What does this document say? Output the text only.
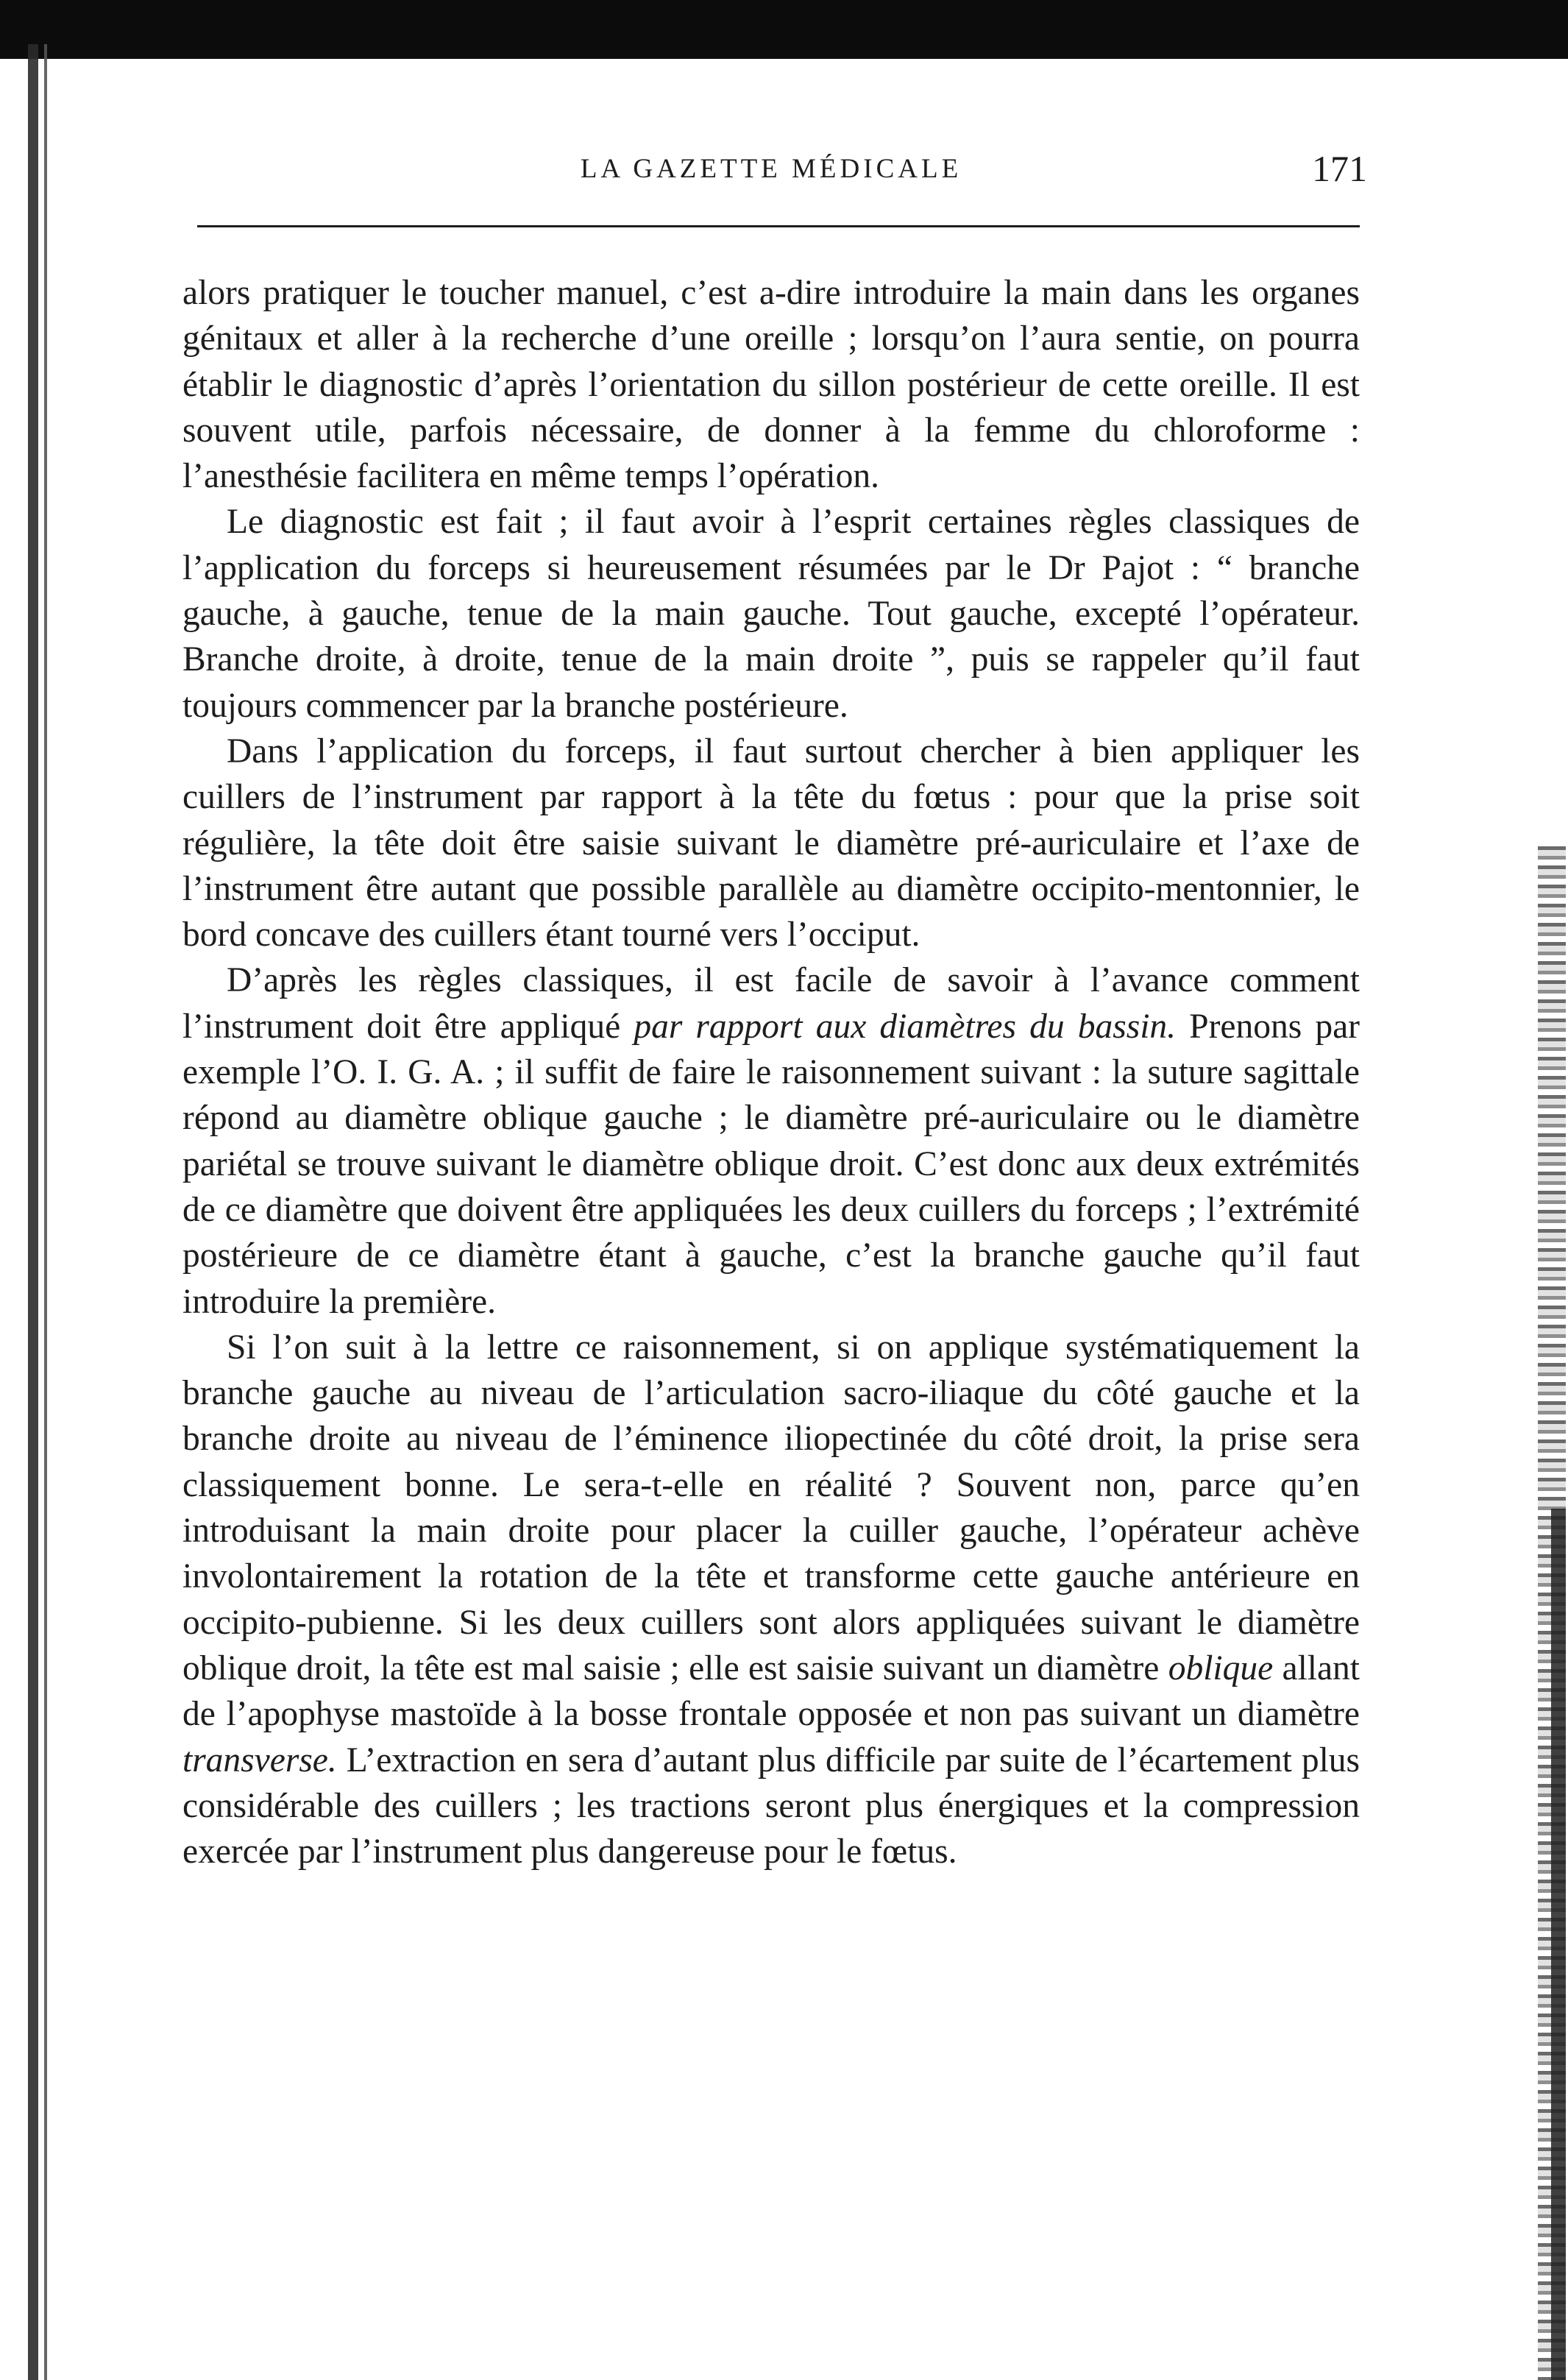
LA GAZETTE MÉDICALE	171

alors pratiquer le toucher manuel, c’est a-dire introduire la main dans les organes génitaux et aller à la recherche d’une oreille ; lorsqu’on l’aura sentie, on pourra établir le diagnostic d’après l’orientation du sillon postérieur de cette oreille. Il est souvent utile, parfois nécessaire, de donner à la femme du chloroforme : l’anesthésie facilitera en même temps l’opération.

Le diagnostic est fait ; il faut avoir à l’esprit certaines règles classiques de l’application du forceps si heureusement résumées par le Dr Pajot : “ branche gauche, à gauche, tenue de la main gauche. Tout gauche, excepté l’opérateur. Branche droite, à droite, tenue de la main droite ”, puis se rappeler qu’il faut toujours commencer par la branche postérieure.

Dans l’application du forceps, il faut surtout chercher à bien appliquer les cuillers de l’instrument par rapport à la tête du fœtus : pour que la prise soit régulière, la tête doit être saisie suivant le diamètre pré-auriculaire et l’axe de l’instrument être autant que possible parallèle au diamètre occipito-mentonnier, le bord concave des cuillers étant tourné vers l’occiput.

D’après les règles classiques, il est facile de savoir à l’avance comment l’instrument doit être appliqué par rapport aux diamètres du bassin. Prenons par exemple l’O. I. G. A. ; il suffit de faire le raisonnement suivant : la suture sagittale répond au diamètre oblique gauche ; le diamètre pré-auriculaire ou le diamètre pariétal se trouve suivant le diamètre oblique droit. C’est donc aux deux extrémités de ce diamètre que doivent être appliquées les deux cuillers du forceps ; l’extrémité postérieure de ce diamètre étant à gauche, c’est la branche gauche qu’il faut introduire la première.

Si l’on suit à la lettre ce raisonnement, si on applique systématiquement la branche gauche au niveau de l’articulation sacro-iliaque du côté gauche et la branche droite au niveau de l’éminence iliopectinée du côté droit, la prise sera classiquement bonne. Le sera-t-elle en réalité ? Souvent non, parce qu’en introduisant la main droite pour placer la cuiller gauche, l’opérateur achève involontairement la rotation de la tête et transforme cette gauche antérieure en occipito-pubienne. Si les deux cuillers sont alors appliquées suivant le diamètre oblique droit, la tête est mal saisie ; elle est saisie suivant un diamètre oblique allant de l’apophyse mastoïde à la bosse frontale opposée et non pas suivant un diamètre transverse. L’extraction en sera d’autant plus difficile par suite de l’écartement plus considérable des cuillers ; les tractions seront plus énergiques et la compression exercée par l’instrument plus dangereuse pour le fœtus.
